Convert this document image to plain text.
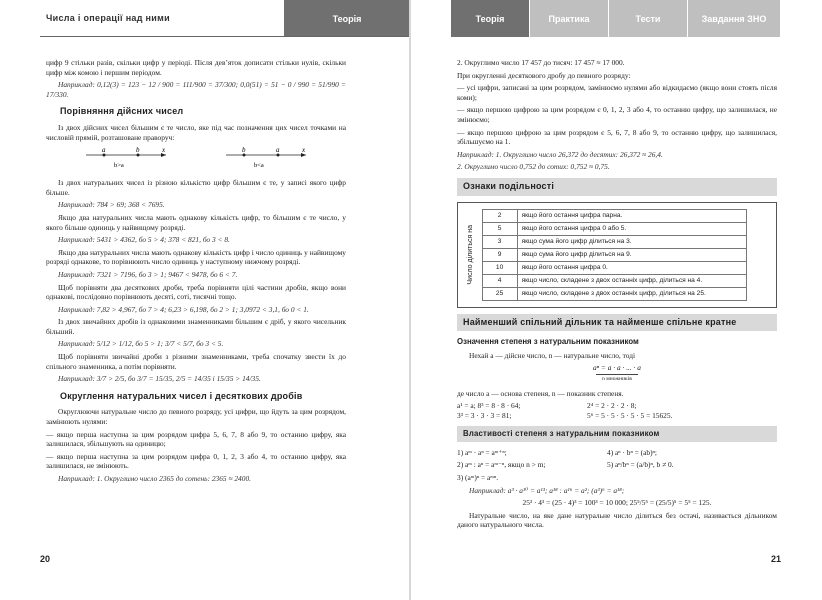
Числа і операції над ними	Теорія

цифр 9 стільки разів, скільки цифр у періоді. Після дев’яток дописати стільки нулів, скільки цифр між комою і першим періодом.

Наприклад: 0,12(3) = 123 − 12 / 900 = 111/900 = 37/300; 0,0(51) = 51 − 0 / 990 = 51/990 = 17/330.

Порівняння дійсних чисел

Із двох дійсних чисел більшим є те число, яке під час позначення цих чисел точками на числовій прямій, розташоване праворуч:

a	b	x
b>a
b	a	x
b<a

Із двох натуральних чисел із різною кількістю цифр більшим є те, у записі якого цифр більше.

Наприклад: 784 > 69; 368 < 7695.

Якщо два натуральних числа мають однакову кількість цифр, то більшим є те число, у якого більше одиниць у найвищому розряді.

Наприклад: 5431 > 4362, бо 5 > 4; 378 < 821, бо 3 < 8.

Якщо два натуральних числа мають однакову кількість цифр і число одиниць у найвищому розряді однакове, то порівнюють число одиниць у наступному нижчому розряді.

Наприклад: 7321 > 7196, бо 3 > 1; 9467 < 9478, бо 6 < 7.

Щоб порівняти два десяткових дроби, треба порівняти цілі частини дробів, якщо вони однакові, послідовно порівнюють десяті, соті, тисячні тощо.

Наприклад: 7,82 > 4,967, бо 7 > 4; 6,23 > 6,198, бо 2 > 1; 3,0972 < 3,1, бо 0 < 1.

Із двох звичайних дробів із однаковими знаменниками більшим є дріб, у якого чисельник більший.

Наприклад: 5/12 > 1/12, бо 5 > 1; 3/7 < 5/7, бо 3 < 5.

Щоб порівняти звичайні дроби з різними знаменниками, треба спочатку звести їх до спільного знаменника, а потім порівняти.

Наприклад: 3/7 > 2/5, бо 3/7 = 15/35, 2/5 = 14/35 і 15/35 > 14/35.

Округлення натуральних чисел і десяткових дробів

Округлюючи натуральне число до певного розряду, усі цифри, що йдуть за цим розрядом, замінюють нулями:

— якщо перша наступна за цим розрядом цифра 5, 6, 7, 8 або 9, то останню цифру, яка залишилася, збільшують на одиницю;

— якщо перша наступна за цим розрядом цифра 0, 1, 2, 3 або 4, то останню цифру, яка залишилася, не змінюють.

Наприклад: 1. Округлимо число 2365 до сотень: 2365 ≈ 2400.

20
Теорія	Практика	Тести	Завдання ЗНО

2. Округлимо число 17 457 до тисяч: 17 457 ≈ 17 000.

При округленні десяткового дробу до певного розряду:

— усі цифри, записані за цим розрядом, замінюємо нулями або відкидаємо (якщо вони стоять після коми);

— якщо першою цифрою за цим розрядом є 0, 1, 2, 3 або 4, то останню цифру, що залишилася, не змінюємо;

— якщо першою цифрою за цим розрядом є 5, 6, 7, 8 або 9, то останню цифру, що залишилася, збільшуємо на 1.

Наприклад: 1. Округлимо число 26,372 до десятих: 26,372 ≈ 26,4.

2. Округлимо число 0,752 до сотих: 0,752 ≈ 0,75.

Ознаки подільності
Число ділиться на
2	якщо його остання цифра парна.
5	якщо його остання цифра 0 або 5.
3	якщо сума його цифр ділиться на 3.
9	якщо сума його цифр ділиться на 9.
10	якщо його остання цифра 0.
4	якщо число, складене з двох останніх цифр, ділиться на 4.
25	якщо число, складене з двох останніх цифр, ділиться на 25.
Найменший спільний дільник та найменше спільне кратне
Означення степеня з натуральним показником

Нехай a — дійсне число, n — натуральне число, тоді

aⁿ = a · a · ... · a
n множників

де число a — основа степеня, n — показник степеня.

a¹ = a; 8³ = 8 · 8 · 64;	2⁴ = 2 · 2 · 2 · 8;
3³ = 3 · 3 · 3 = 81;	5⁶ = 5 · 5 · 5 · 5 · 5 = 15625.
Властивості степеня з натуральним показником
1) aᵐ · aⁿ = aᵐ⁺ⁿ;	4) aⁿ · bⁿ = (ab)ⁿ;
2) aᵐ : aⁿ = aᵐ⁻ⁿ, якщо n > m;	5) aⁿ/bⁿ = (a/b)ⁿ, b ≠ 0.

3) (aᵐ)ⁿ = aᵐⁿ.

Наприклад: a³ · a¹⁰ = a¹³; a¹⁸ : a¹⁶ = a²; (a³)⁶ = a¹⁸;

25³ · 4³ = (25 · 4)³ = 100³ = 10 000; 25⁵/5⁵ = (25/5)⁵ = 5⁵ = 125.

Натуральне число, на яке дане натуральне число ділиться без остачі, називається дільником даного натурального числа.

21
